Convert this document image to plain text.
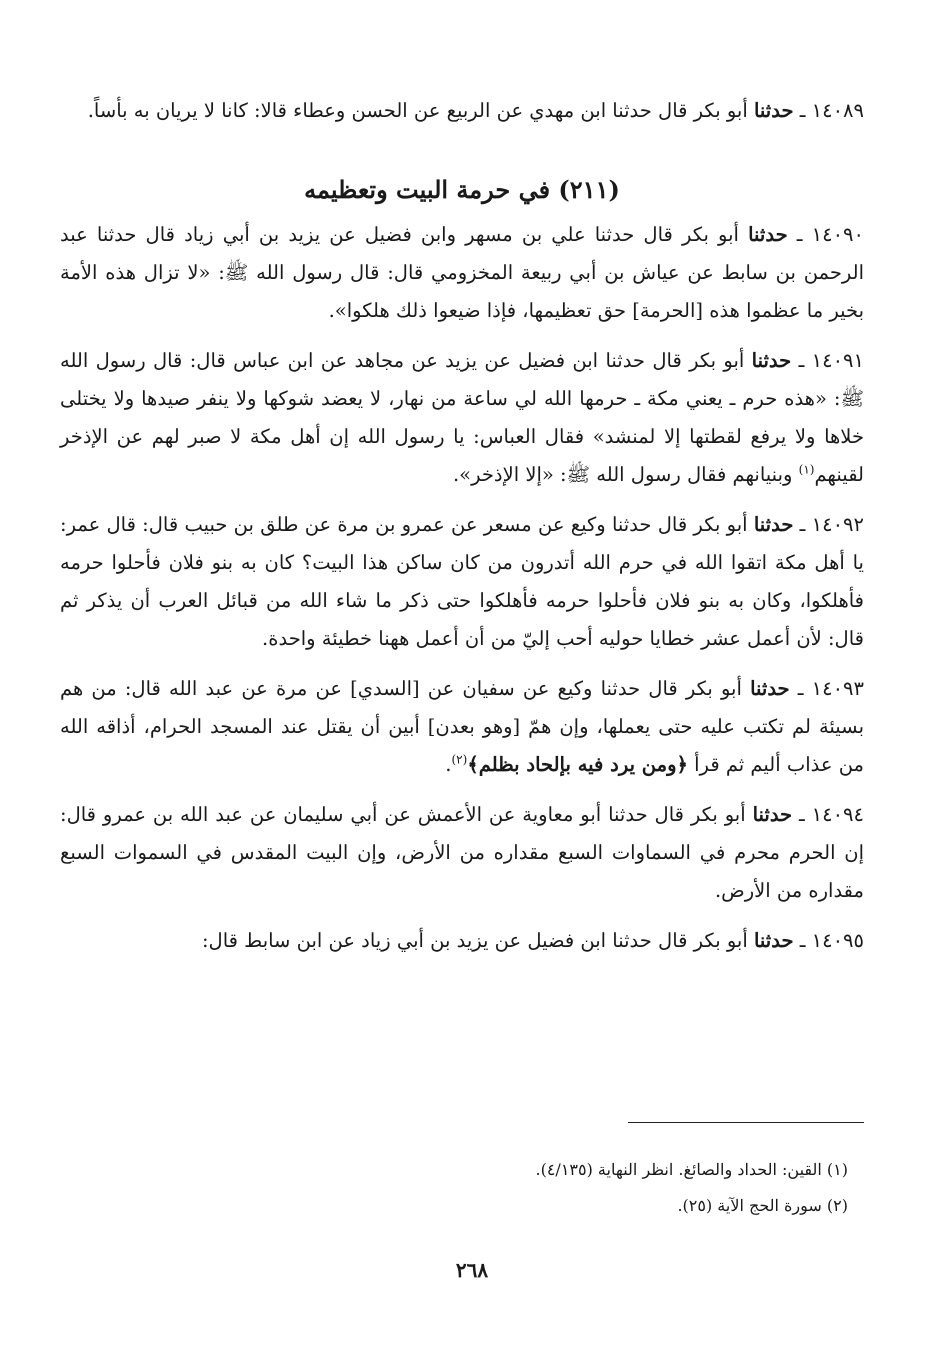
١٤٠٨٩ ـ حدثنا أبو بكر قال حدثنا ابن مهدي عن الربيع عن الحسن وعطاء قالا: كانا لا يريان به بأساً.

(٢١١) في حرمة البيت وتعظيمه

١٤٠٩٠ ـ حدثنا أبو بكر قال حدثنا علي بن مسهر وابن فضيل عن يزيد بن أبي زياد قال حدثنا عبد الرحمن بن سابط عن عياش بن أبي ربيعة المخزومي قال: قال رسول الله ﷺ: «لا تزال هذه الأمة بخير ما عظموا هذه [الحرمة] حق تعظيمها، فإذا ضيعوا ذلك هلكوا».

١٤٠٩١ ـ حدثنا أبو بكر قال حدثنا ابن فضيل عن يزيد عن مجاهد عن ابن عباس قال: قال رسول الله ﷺ: «هذه حرم ـ يعني مكة ـ حرمها الله لي ساعة من نهار، لا يعضد شوكها ولا ينفر صيدها ولا يختلى خلاها ولا يرفع لقطتها إلا لمنشد» فقال العباس: يا رسول الله إن أهل مكة لا صبر لهم عن الإذخر لقينهم$^{(١)}$ وبنيانهم فقال رسول الله ﷺ: «إلا الإذخر».

١٤٠٩٢ ـ حدثنا أبو بكر قال حدثنا وكيع عن مسعر عن عمرو بن مرة عن طلق بن حبيب قال: قال عمر: يا أهل مكة اتقوا الله في حرم الله أتدرون من كان ساكن هذا البيت؟ كان به بنو فلان فأحلوا حرمه فأهلكوا، وكان به بنو فلان فأحلوا حرمه فأهلكوا حتى ذكر ما شاء الله من قبائل العرب أن يذكر ثم قال: لأن أعمل عشر خطايا حوليه أحب إليّ من أن أعمل ههنا خطيئة واحدة.

١٤٠٩٣ ـ حدثنا أبو بكر قال حدثنا وكيع عن سفيان عن [السدي] عن مرة عن عبد الله قال: من هم بسيئة لم تكتب عليه حتى يعملها، وإن همّ [وهو بعدن] أبين أن يقتل عند المسجد الحرام، أذاقه الله من عذاب أليم ثم قرأ ﴿ومن يرد فيه بإلحاد بظلم﴾$^{(٢)}$.

١٤٠٩٤ ـ حدثنا أبو بكر قال حدثنا أبو معاوية عن الأعمش عن أبي سليمان عن عبد الله بن عمرو قال: إن الحرم محرم في السماوات السبع مقداره من الأرض، وإن البيت المقدس في السموات السبع مقداره من الأرض.

١٤٠٩٥ ـ حدثنا أبو بكر قال حدثنا ابن فضيل عن يزيد بن أبي زياد عن ابن سابط قال:

(١) القين: الحداد والصائغ. انظر النهاية (٤/١٣٥).
(٢) سورة الحج الآية (٢٥).
٢٦٨
